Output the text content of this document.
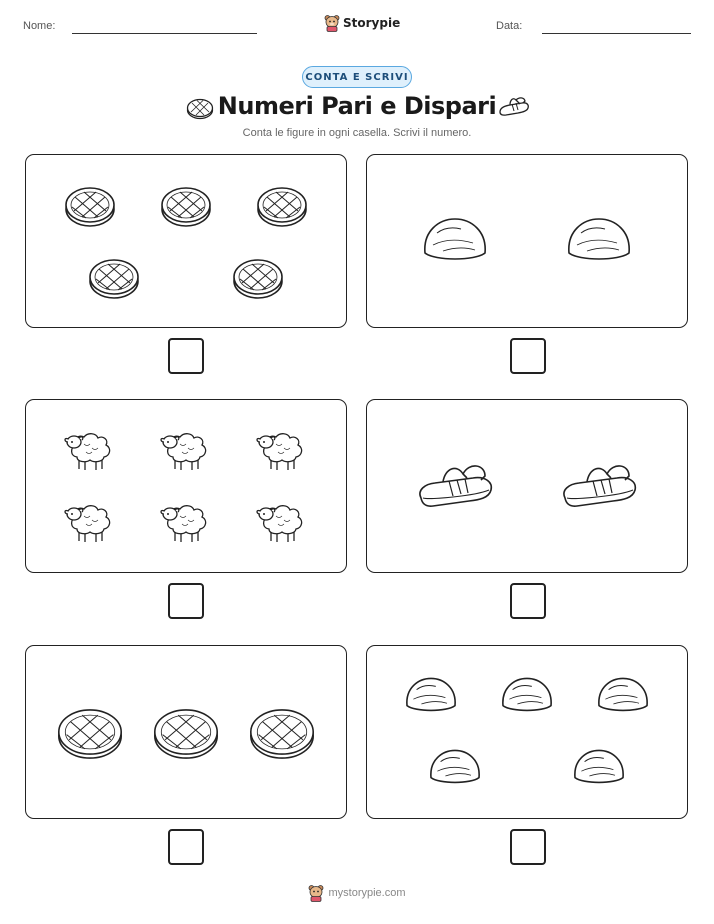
Nome:	Storypie	Data:
CONTA E SCRIVI
Numeri Pari e Dispari
Conta le figure in ogni casella. Scrivi il numero.
mystorypie.com
